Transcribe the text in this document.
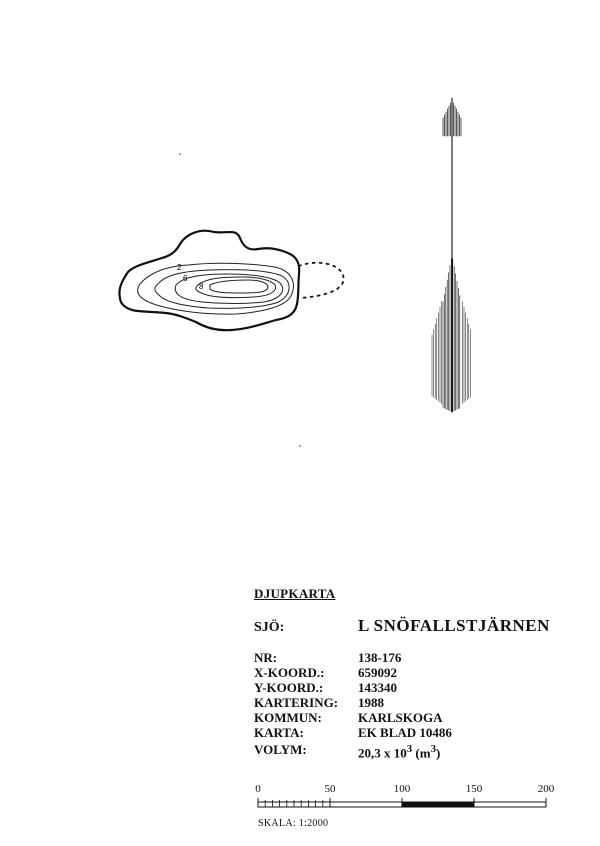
2
6
8
DJUPKARTA
SJÖ:	L SNÖFALLSTJÄRNEN
NR:	138-176
X-KOORD.:	659092
Y-KOORD.:	143340
KARTERING: 1988
KOMMUN:	KARLSKOGA
KARTA:	EK BLAD 10486
VOLYM:	20,3 x $10^3$ $(m^3)$
0	50	100	150	200
SKALA: 1:2000
